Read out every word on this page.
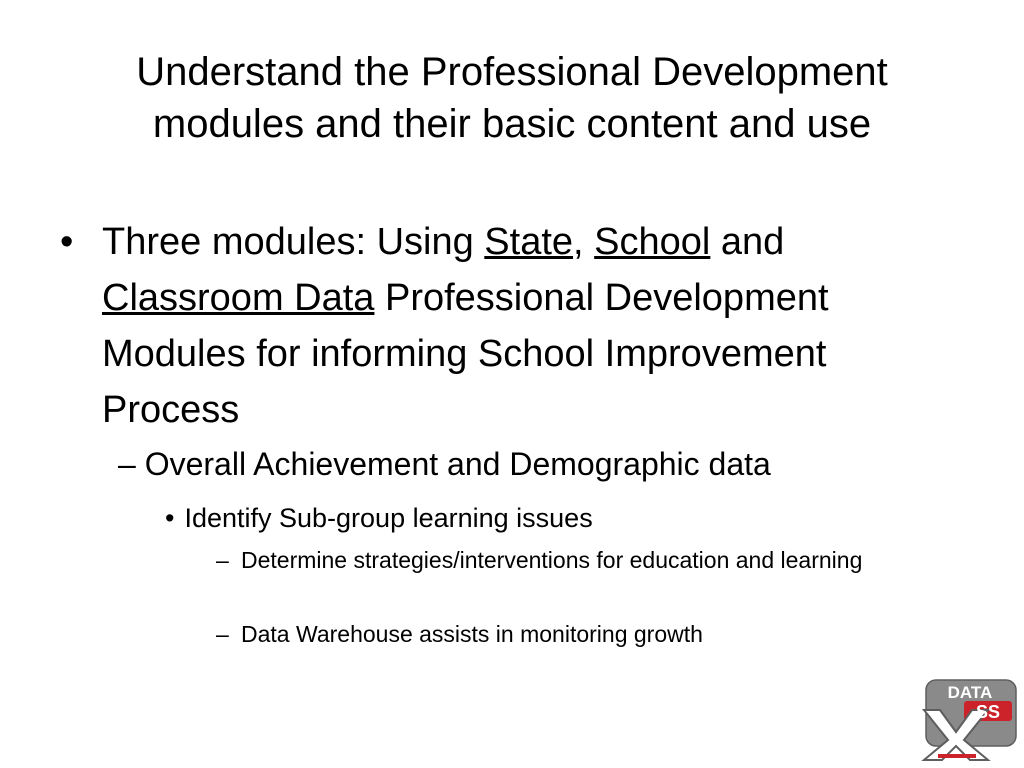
Understand the Professional Development
modules and their basic content and use
• Three modules: Using State, School and
Classroom Data Professional Development Modules for informing School Improvement Process
– Overall Achievement and Demographic data
• Identify Sub-group learning issues
– Determine strategies/interventions for education and learning
– Data Warehouse assists in monitoring growth
DATA
SS
